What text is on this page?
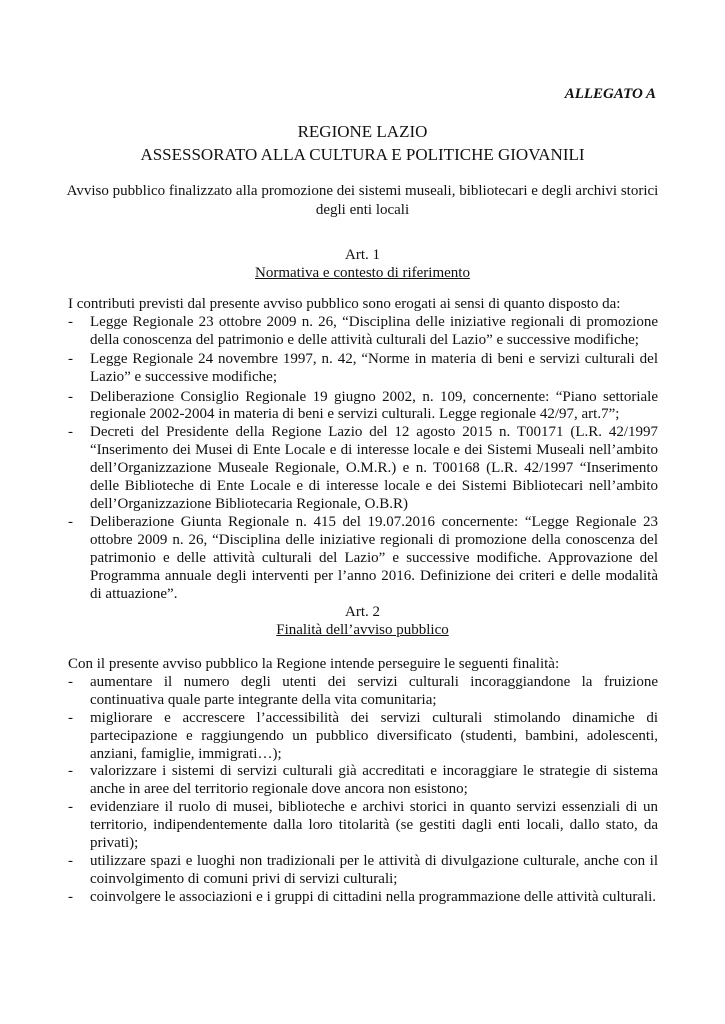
ALLEGATO A
REGIONE LAZIO
ASSESSORATO ALLA CULTURA E POLITICHE GIOVANILI
Avviso pubblico finalizzato alla promozione dei sistemi museali, bibliotecari e degli archivi storici degli enti locali
Art. 1
Normativa e contesto di riferimento

I contributi previsti dal presente avviso pubblico sono erogati ai sensi di quanto disposto da:

- Legge Regionale 23 ottobre 2009 n. 26, “Disciplina delle iniziative regionali di promozione della conoscenza del patrimonio e delle attività culturali del Lazio” e successive modifiche;
- Legge Regionale 24 novembre 1997, n. 42, “Norme in materia di beni e servizi culturali del Lazio” e successive modifiche;
- Deliberazione Consiglio Regionale 19 giugno 2002, n. 109, concernente: “Piano settoriale regionale 2002-2004 in materia di beni e servizi culturali. Legge regionale 42/97, art.7”;
- Decreti del Presidente della Regione Lazio del 12 agosto 2015 n. T00171 (L.R. 42/1997 “Inserimento dei Musei di Ente Locale e di interesse locale e dei Sistemi Museali nell’ambito dell’Organizzazione Museale Regionale, O.M.R.) e n. T00168 (L.R. 42/1997 “Inserimento delle Biblioteche di Ente Locale e di interesse locale e dei Sistemi Bibliotecari nell’ambito dell’Organizzazione Bibliotecaria Regionale, O.B.R)
- Deliberazione Giunta Regionale n. 415 del 19.07.2016 concernente: “Legge Regionale 23 ottobre 2009 n. 26, “Disciplina delle iniziative regionali di promozione della conoscenza del patrimonio e delle attività culturali del Lazio” e successive modifiche. Approvazione del Programma annuale degli interventi per l’anno 2016. Definizione dei criteri e delle modalità di attuazione”.
Art. 2
Finalità dell’avviso pubblico

Con il presente avviso pubblico la Regione intende perseguire le seguenti finalità:

- aumentare il numero degli utenti dei servizi culturali incoraggiandone la fruizione continuativa quale parte integrante della vita comunitaria;
- migliorare e accrescere l’accessibilità dei servizi culturali stimolando dinamiche di partecipazione e raggiungendo un pubblico diversificato (studenti, bambini, adolescenti, anziani, famiglie, immigrati…);
- valorizzare i sistemi di servizi culturali già accreditati e incoraggiare le strategie di sistema anche in aree del territorio regionale dove ancora non esistono;
- evidenziare il ruolo di musei, biblioteche e archivi storici in quanto servizi essenziali di un territorio, indipendentemente dalla loro titolarità (se gestiti dagli enti locali, dallo stato, da privati);
- utilizzare spazi e luoghi non tradizionali per le attività di divulgazione culturale, anche con il coinvolgimento di comuni privi di servizi culturali;
- coinvolgere le associazioni e i gruppi di cittadini nella programmazione delle attività culturali.
